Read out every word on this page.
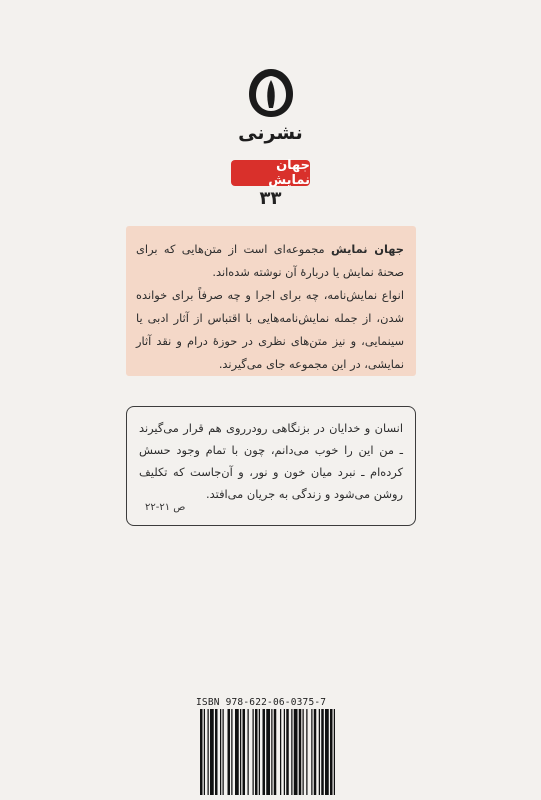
نشرنی
جهان نمایش
۳۳

جهان نمایش مجموعه‌ای است از متن‌هایی که برای صحنهٔ نمایش یا دربارهٔ آن نوشته شده‌اند.

انواع نمایش‌نامه، چه برای اجرا و چه صرفاً برای خوانده شدن، از جمله نمایش‌نامه‌هایی با اقتباس از آثار ادبی یا سینمایی، و نیز متن‌های نظری در حوزهٔ درام و نقد آثار نمایشی، در این مجموعه جای می‌گیرند.

انسان و خدایان در بزنگاهی رودرروی هم قرار می‌گیرند ـ من این را خوب می‌دانم، چون با تمام وجود حسش کرده‌ام ـ نبرد میان خون و نور، و آن‌جاست که تکلیف روشن می‌شود و زندگی به جریان می‌افتد.
ص ۲۱-۲۲
ISBN 978-622-06-0375-7
